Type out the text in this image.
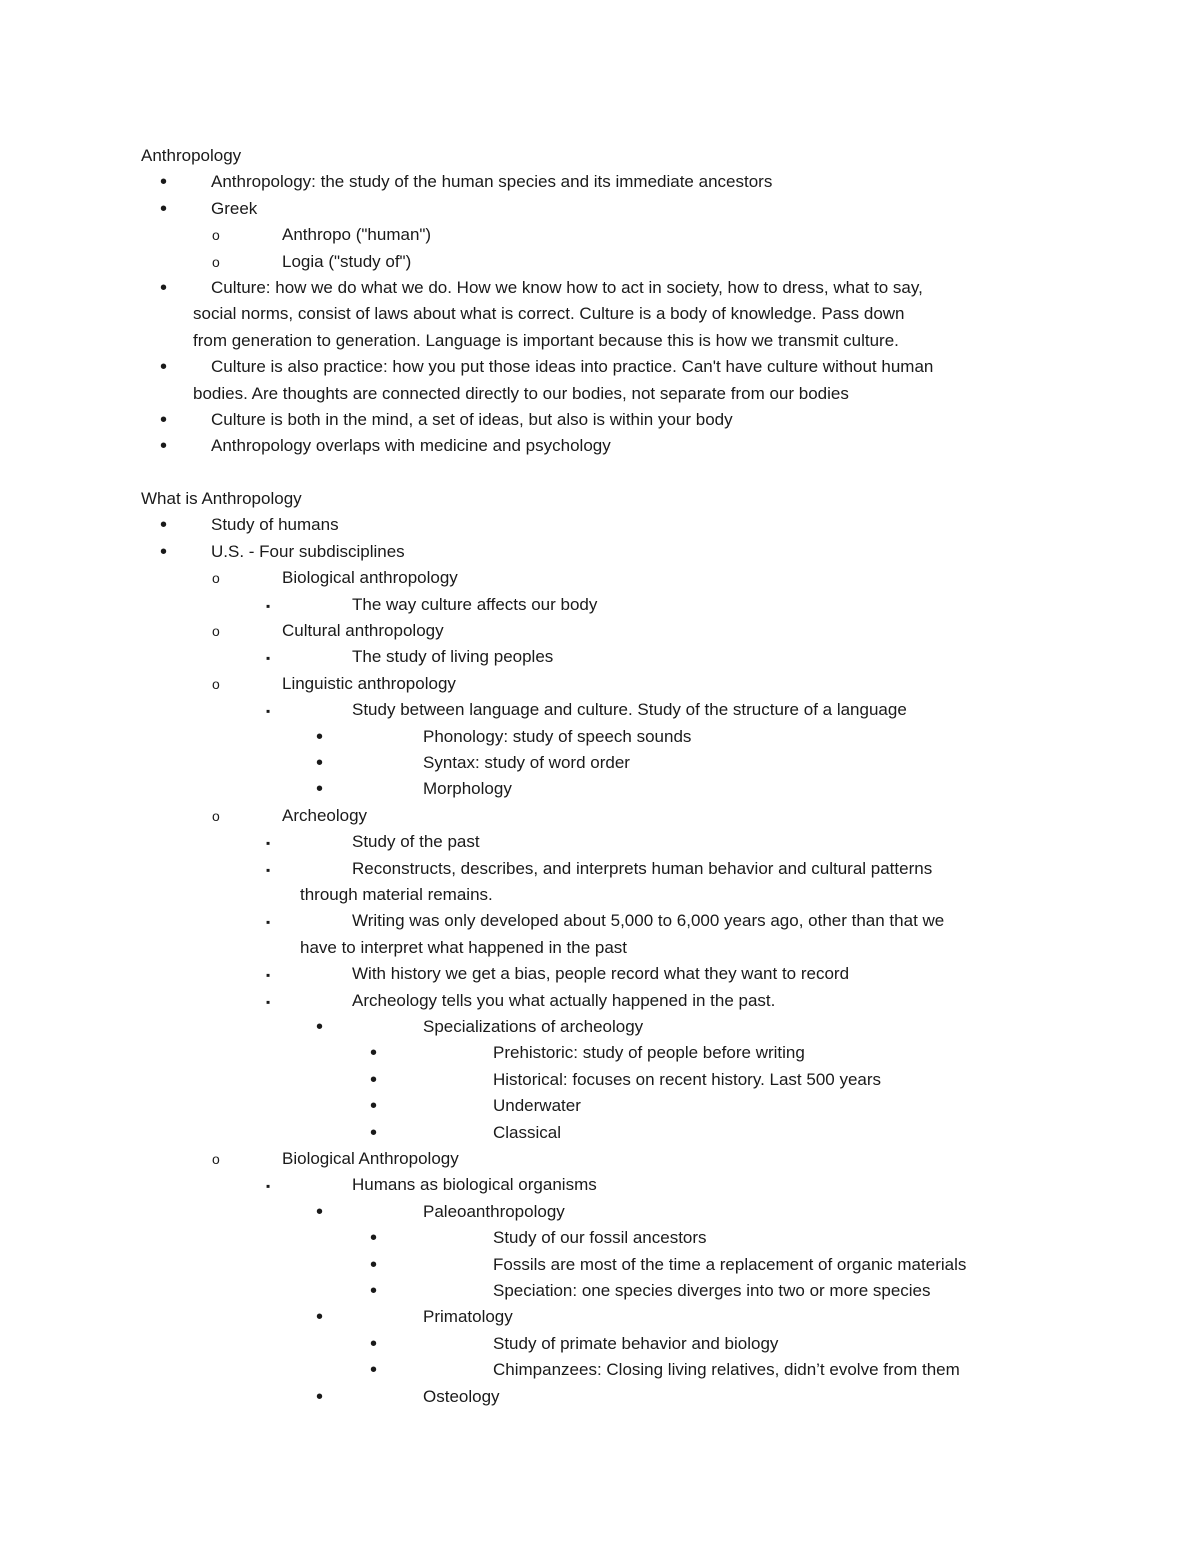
Anthropology
•
Anthropology: the study of the human species and its immediate ancestors
•
Greek
o
Anthropo ("human")
o
Logia ("study of")
•
Culture: how we do what we do. How we know how to act in society, how to dress, what to say,
social norms, consist of laws about what is correct. Culture is a body of knowledge. Pass down
from generation to generation. Language is important because this is how we transmit culture.
•
Culture is also practice: how you put those ideas into practice. Can't have culture without human
bodies. Are thoughts are connected directly to our bodies, not separate from our bodies
•
Culture is both in the mind, a set of ideas, but also is within your body
•
Anthropology overlaps with medicine and psychology
What is Anthropology
•
Study of humans
•
U.S. - Four subdisciplines
o
Biological anthropology
▪
The way culture affects our body
o
Cultural anthropology
▪
The study of living peoples
o
Linguistic anthropology
▪
Study between language and culture. Study of the structure of a language
•
Phonology: study of speech sounds
•
Syntax: study of word order
•
Morphology
o
Archeology
▪
Study of the past
▪
Reconstructs, describes, and interprets human behavior and cultural patterns
through material remains.
▪
Writing was only developed about 5,000 to 6,000 years ago, other than that we
have to interpret what happened in the past
▪
With history we get a bias, people record what they want to record
▪
Archeology tells you what actually happened in the past.
•
Specializations of archeology
•
Prehistoric: study of people before writing
•
Historical: focuses on recent history. Last 500 years
•
Underwater
•
Classical
o
Biological Anthropology
▪
Humans as biological organisms
•
Paleoanthropology
•
Study of our fossil ancestors
•
Fossils are most of the time a replacement of organic materials
•
Speciation: one species diverges into two or more species
•
Primatology
•
Study of primate behavior and biology
•
Chimpanzees: Closing living relatives, didn’t evolve from them
•
Osteology
